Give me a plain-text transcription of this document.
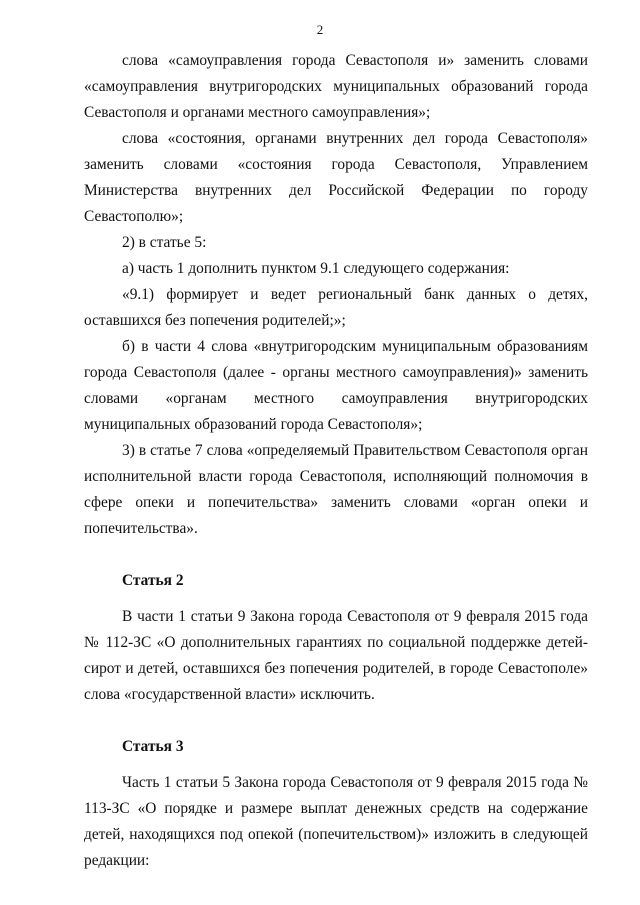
2

слова «самоуправления города Севастополя и» заменить словами «самоуправления внутригородских муниципальных образований города Севастополя и органами местного самоуправления»;

слова «состояния, органами внутренних дел города Севастополя» заменить словами «состояния города Севастополя, Управлением Министерства внутренних дел Российской Федерации по городу Севастополю»;

2) в статье 5:

а) часть 1 дополнить пунктом 9.1 следующего содержания:

«9.1) формирует и ведет региональный банк данных о детях, оставшихся без попечения родителей;»;

б) в части 4 слова «внутригородским муниципальным образованиям города Севастополя (далее - органы местного самоуправления)» заменить словами «органам местного самоуправления внутригородских муниципальных образований города Севастополя»;

3) в статье 7 слова «определяемый Правительством Севастополя орган исполнительной власти города Севастополя, исполняющий полномочия в сфере опеки и попечительства» заменить словами «орган опеки и попечительства».

Статья 2

В части 1 статьи 9 Закона города Севастополя от 9 февраля 2015 года № 112-ЗС «О дополнительных гарантиях по социальной поддержке детей-сирот и детей, оставшихся без попечения родителей, в городе Севастополе» слова «государственной власти» исключить.

Статья 3

Часть 1 статьи 5 Закона города Севастополя от 9 февраля 2015 года № 113-ЗС «О порядке и размере выплат денежных средств на содержание детей, находящихся под опекой (попечительством)» изложить в следующей редакции:
